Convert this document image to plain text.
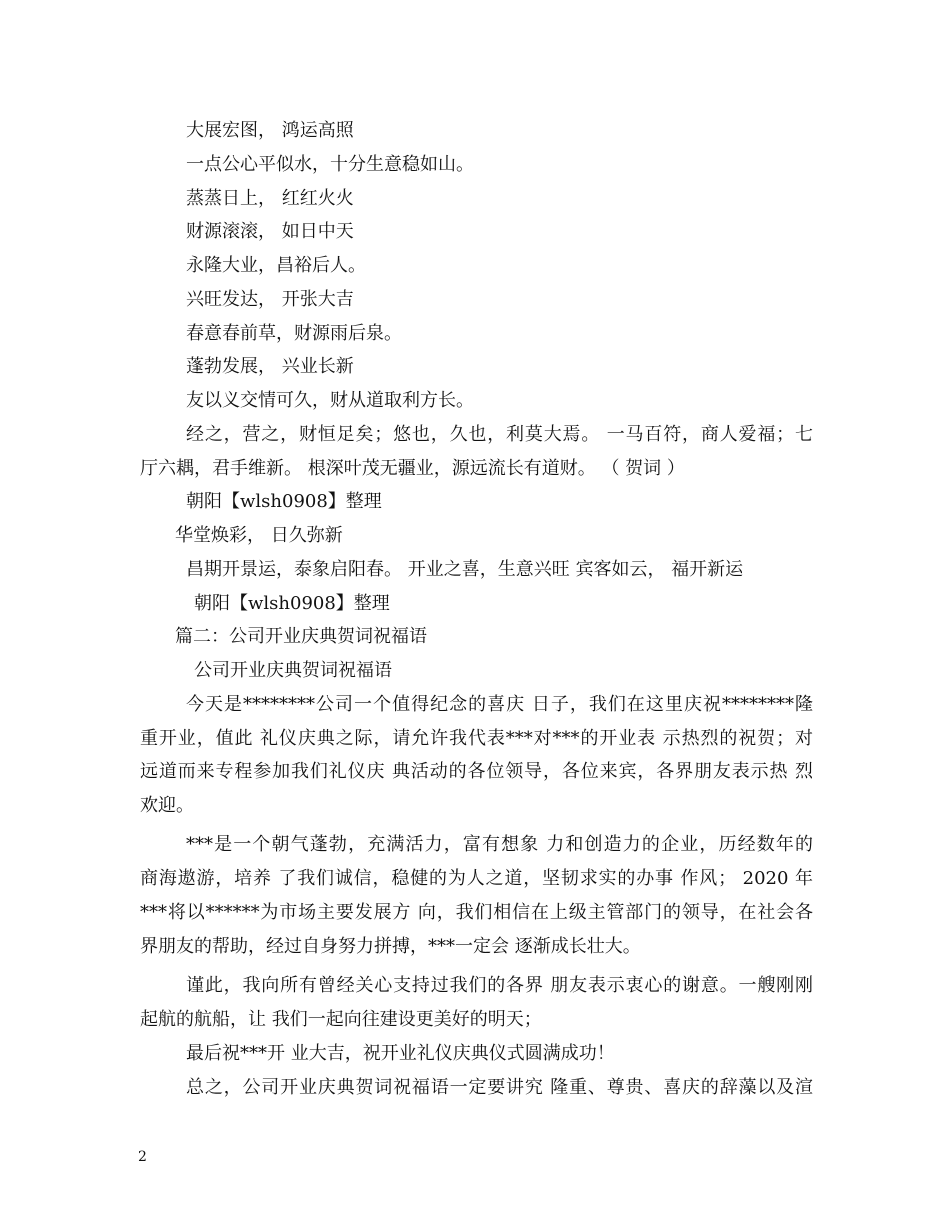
大展宏图， 鸿运高照
一点公心平似水，十分生意稳如山。
蒸蒸日上， 红红火火
财源滚滚， 如日中天
永隆大业，昌裕后人。
兴旺发达， 开张大吉
春意春前草，财源雨后泉。
蓬勃发展， 兴业长新
友以义交情可久，财从道取利方长。
经之，营之，财恒足矣；悠也，久也，利莫大焉。 一马百符，商人爱福；七
厅六耦，君手维新。 根深叶茂无疆业，源远流长有道财。 （ 贺词 ）
朝阳【wlsh0908】整理
华堂焕彩， 日久弥新
昌期开景运，泰象启阳春。 开业之喜，生意兴旺 宾客如云， 福开新运
朝阳【wlsh0908】整理
篇二：公司开业庆典贺词祝福语
公司开业庆典贺词祝福语
今天是********公司一个值得纪念的喜庆 日子，我们在这里庆祝********隆
重开业，值此 礼仪庆典之际，请允许我代表***对***的开业表 示热烈的祝贺；对
远道而来专程参加我们礼仪庆 典活动的各位领导，各位来宾，各界朋友表示热 烈
欢迎。
***是一个朝气蓬勃，充满活力，富有想象 力和创造力的企业，历经数年的
商海遨游，培养 了我们诚信，稳健的为人之道，坚韧求实的办事 作风； 2020 年
***将以******为市场主要发展方 向，我们相信在上级主管部门的领导，在社会各
界朋友的帮助，经过自身努力拼搏，***一定会 逐渐成长壮大。
谨此，我向所有曾经关心支持过我们的各界 朋友表示衷心的谢意。一艘刚刚
起航的航船，让 我们一起向往建设更美好的明天；
最后祝***开 业大吉，祝开业礼仪庆典仪式圆满成功！
总之，公司开业庆典贺词祝福语一定要讲究 隆重、尊贵、喜庆的辞藻以及渲
2
